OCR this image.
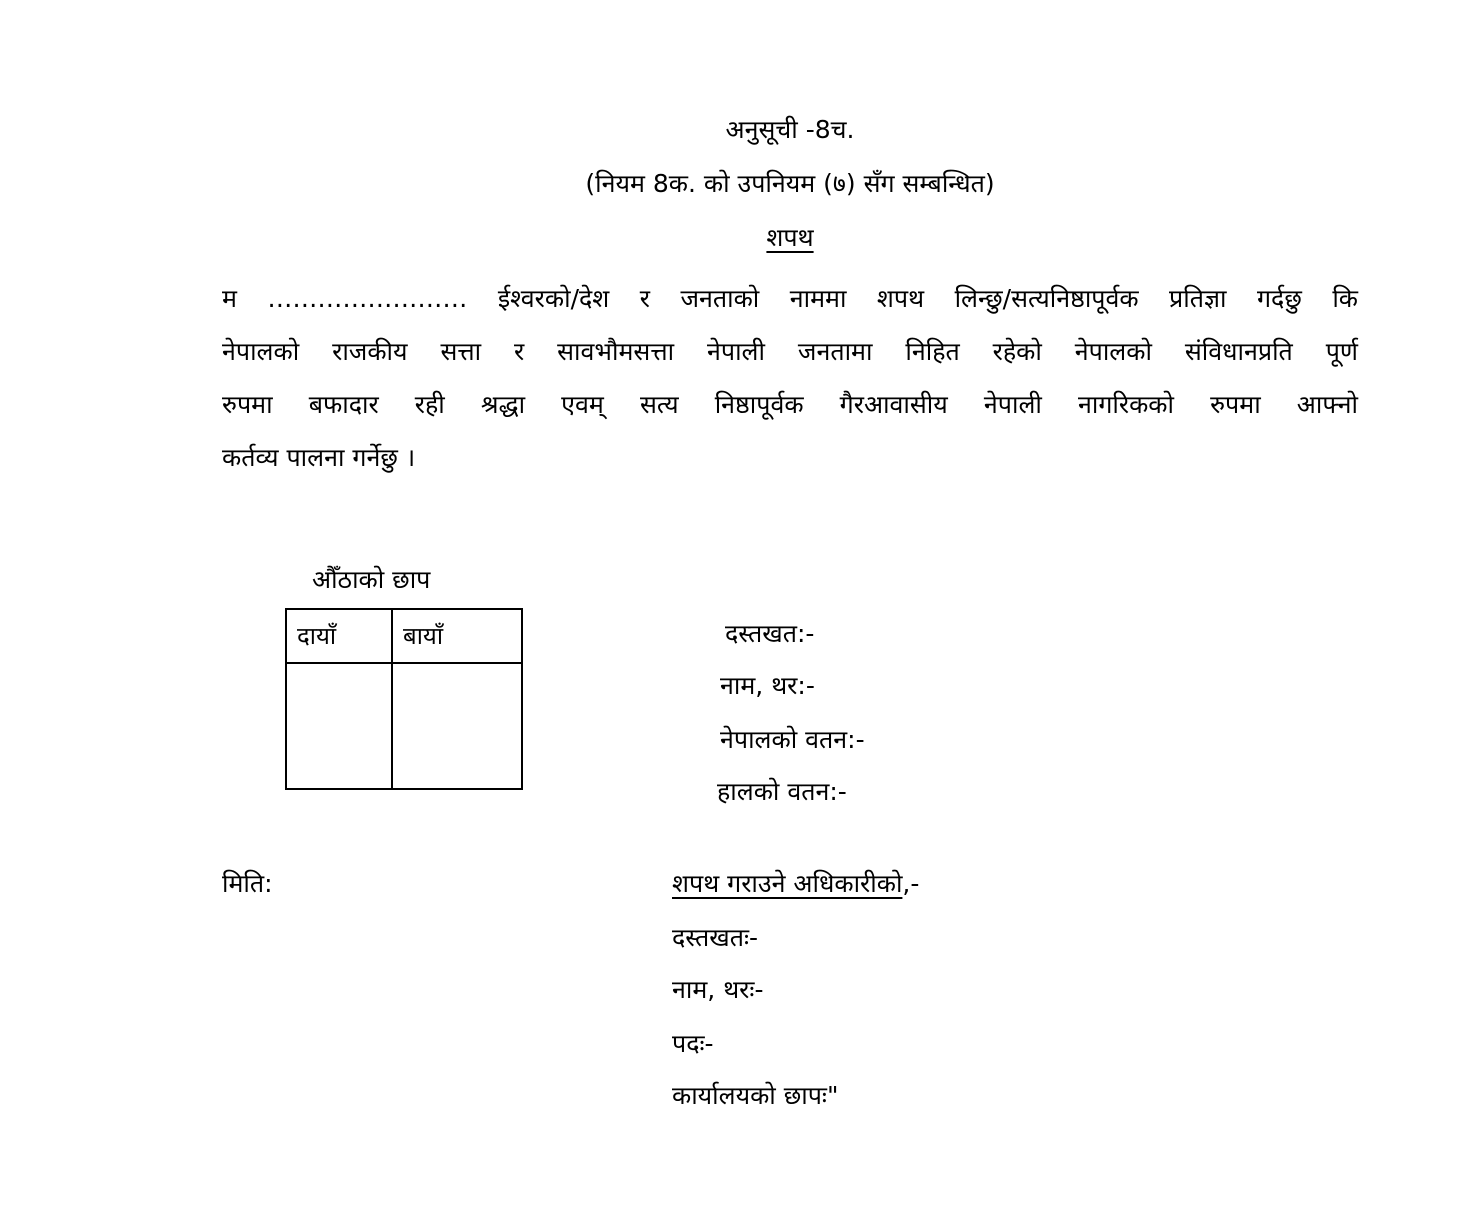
अनुसूची -8च.
(नियम 8क. को उपनियम (७) सँग सम्बन्धित)
शपथ
म …………………… ईश्वरको/देश र जनताको नाममा शपथ लिन्छु/सत्यनिष्ठापूर्वक प्रतिज्ञा गर्दछु कि
नेपालको राजकीय सत्ता र सावभौमसत्ता नेपाली जनतामा निहित रहेको नेपालको संविधानप्रति पूर्ण
रुपमा बफादार रही श्रद्धा एवम् सत्य निष्ठापूर्वक गैरआवासीय नेपाली नागरिकको रुपमा आफ्नो
कर्तव्य पालना गर्नेछु ।
औँठाको छाप
दायाँ	बायाँ
		दस्तखत:-
नाम, थर:-
नेपालको वतन:-
हालको वतन:-
मिति:	शपथ गराउने अधिकारीको,-
दस्तखतः-
नाम, थरः-
पदः-
कार्यालयको छापः"
